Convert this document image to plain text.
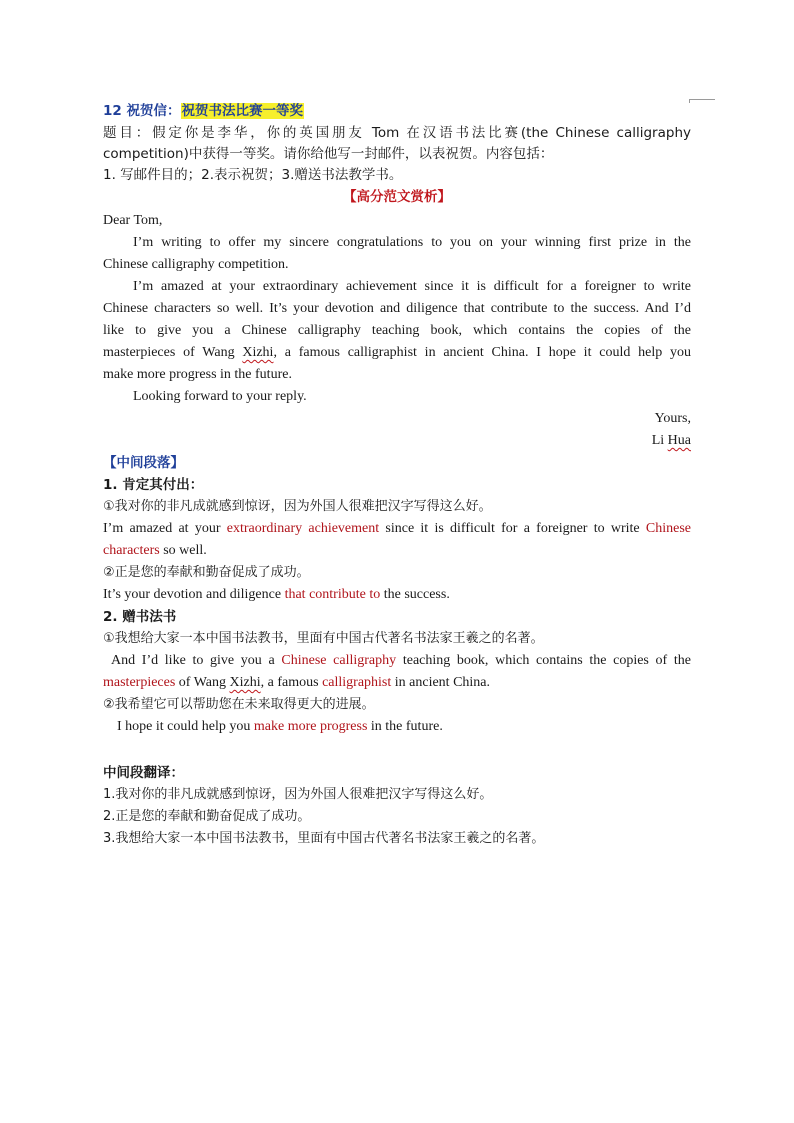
12 祝贺信：祝贺书法比赛一等奖
题目：假定你是李华，你的英国朋友 Tom 在汉语书法比赛(the Chinese calligraphy
competition)中获得一等奖。请你给他写一封邮件，以表祝贺。内容包括：
1. 写邮件目的；2.表示祝贺；3.赠送书法教学书。
【高分范文赏析】
Dear Tom,
I’m writing to offer my sincere congratulations to you on your winning first prize in the
Chinese calligraphy competition.
I’m amazed at your extraordinary achievement since it is difficult for a foreigner to write
Chinese characters so well. It’s your devotion and diligence that contribute to the success. And I’d
like to give you a Chinese calligraphy teaching book, which contains the copies of the
masterpieces of Wang Xizhi, a famous calligraphist in ancient China. I hope it could help you
make more progress in the future.
Looking forward to your reply.
Yours,
Li Hua
【中间段落】
1. 肯定其付出：
①我对你的非凡成就感到惊讶，因为外国人很难把汉字写得这么好。
I’m amazed at your extraordinary achievement since it is difficult for a foreigner to write Chinese
characters so well.
②正是您的奉献和勤奋促成了成功。
It’s your devotion and diligence that contribute to the success.
2. 赠书法书
①我想给大家一本中国书法教书，里面有中国古代著名书法家王羲之的名著。
And I’d like to give you a Chinese calligraphy teaching book, which contains the copies of the
masterpieces of Wang Xizhi, a famous calligraphist in ancient China.
②我希望它可以帮助您在未来取得更大的进展。
I hope it could help you make more progress in the future.
中间段翻译：
1.我对你的非凡成就感到惊讶，因为外国人很难把汉字写得这么好。
2.正是您的奉献和勤奋促成了成功。
3.我想给大家一本中国书法教书，里面有中国古代著名书法家王羲之的名著。
